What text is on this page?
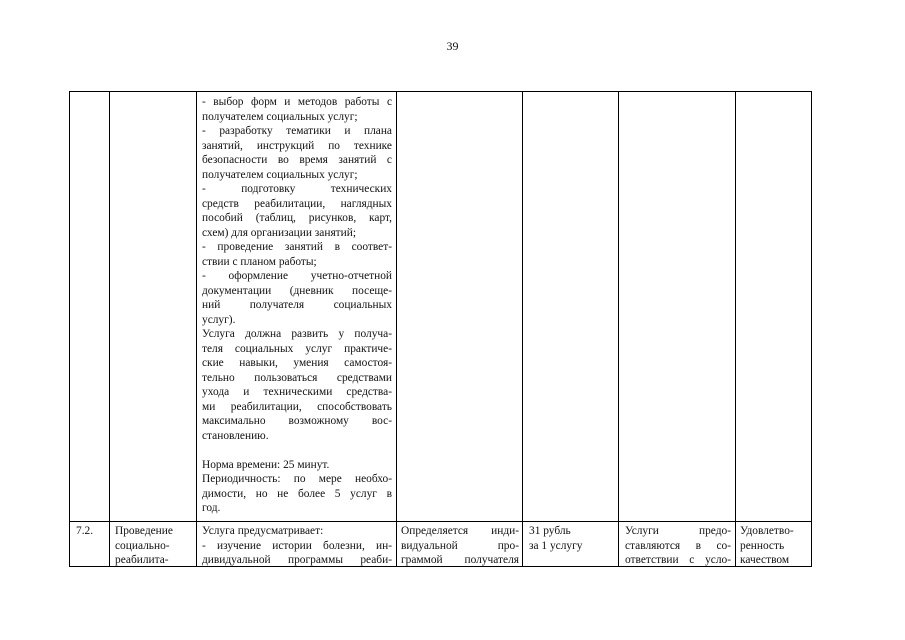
39
- выбор форм и методов работы с
получателем социальных услуг;
- разработку тематики и плана
занятий, инструкций по технике
безопасности во время занятий с
получателем социальных услуг;
- подготовку технических
средств реабилитации, наглядных
пособий (таблиц, рисунков, карт,
схем) для организации занятий;
- проведение занятий в соответ-
ствии с планом работы;
- оформление учетно-отчетной
документации (дневник посеще-
ний получателя социальных
услуг).
Услуга должна развить у получа-
теля социальных услуг практиче-
ские навыки, умения самостоя-
тельно пользоваться средствами
ухода и техническими средства-
ми реабилитации, способствовать
максимально возможному вос-
становлению.
Норма времени: 25 минут.
Периодичность: по мере необхо-
димости, но не более 5 услуг в
год.
7.2.	Проведение
социально-
реабилита-
Услуга предусматривает:
- изучение истории болезни, ин-
дивидуальной программы реаби-
Определяется инди-
видуальной про-
граммой получателя
31 рубль
за 1 услугу
Услуги предо-
ставляются в со-
ответствии с усло-
Удовлетво-
ренность
качеством
